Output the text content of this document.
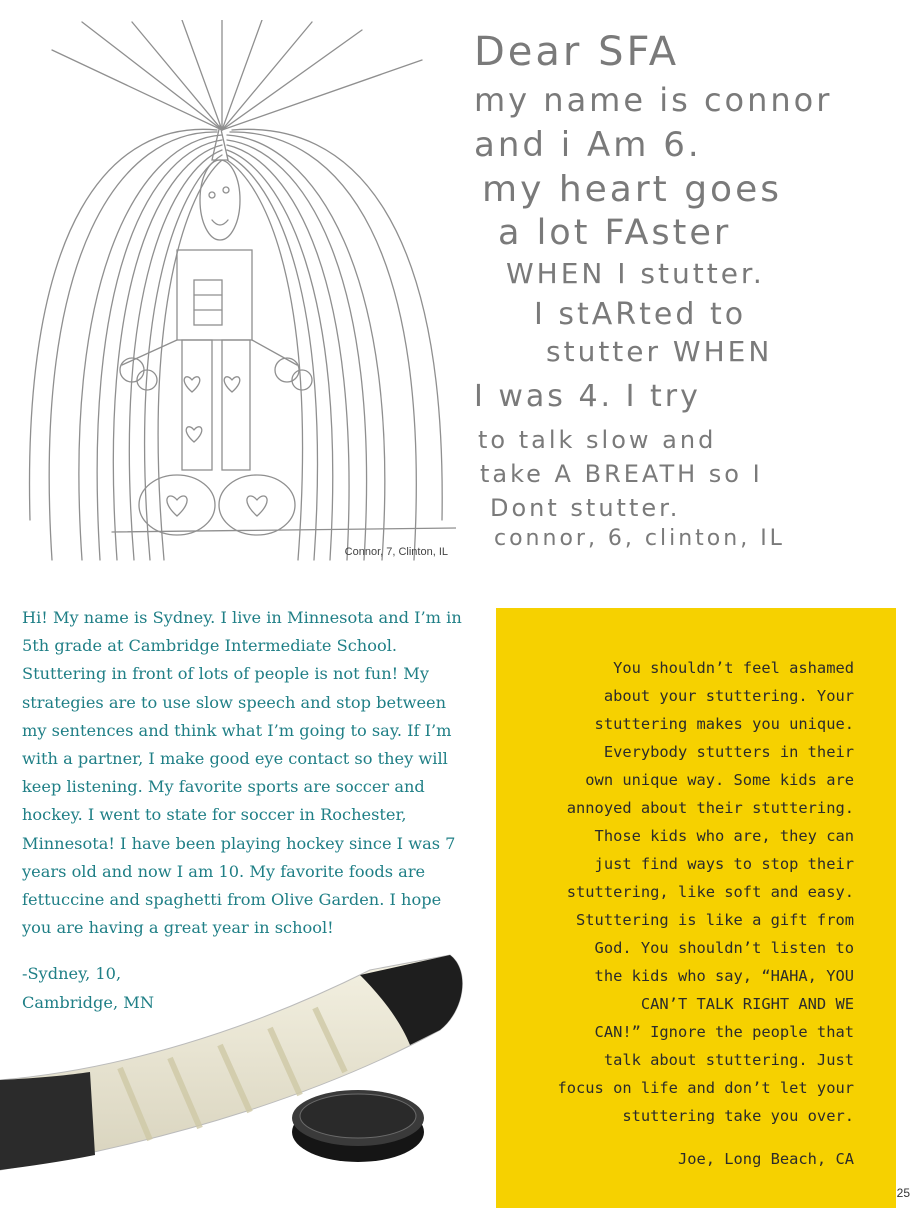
Connor, 7, Clinton, IL
Dear SFA
my name is connor
and i Am 6.
my heart goes
a lot FAster
WHEN I stutter.
I stARted to
stutter WHEN
I was 4. I try
to talk slow and
take A BREATH so I
Dont stutter.
connor, 6, clinton, IL

Hi! My name is Sydney. I live in Minnesota and I’m in 5th grade at Cambridge Intermediate School. Stuttering in front of lots of people is not fun! My strategies are to use slow speech and stop between my sentences and think what I’m going to say. If I’m with a partner, I make good eye contact so they will keep listening. My favorite sports are soccer and hockey. I went to state for soccer in Rochester, Minnesota! I have been playing hockey since I was 7 years old and now I am 10. My favorite foods are fettuccine and spaghetti from Olive Garden. I hope you are having a great year in school!

-Sydney, 10,

Cambridge, MN

You shouldn’t feel ashamed
about your stuttering. Your
stuttering makes you unique.
Everybody stutters in their
own unique way. Some kids are
annoyed about their stuttering.
Those kids who are, they can
just find ways to stop their
stuttering, like soft and easy.
Stuttering is like a gift from
God. You shouldn’t listen to
the kids who say, “HAHA, YOU
CAN’T TALK RIGHT AND WE
CAN!” Ignore the people that
talk about stuttering. Just
focus on life and don’t let your
stuttering take you over.
Joe, Long Beach, CA
25
